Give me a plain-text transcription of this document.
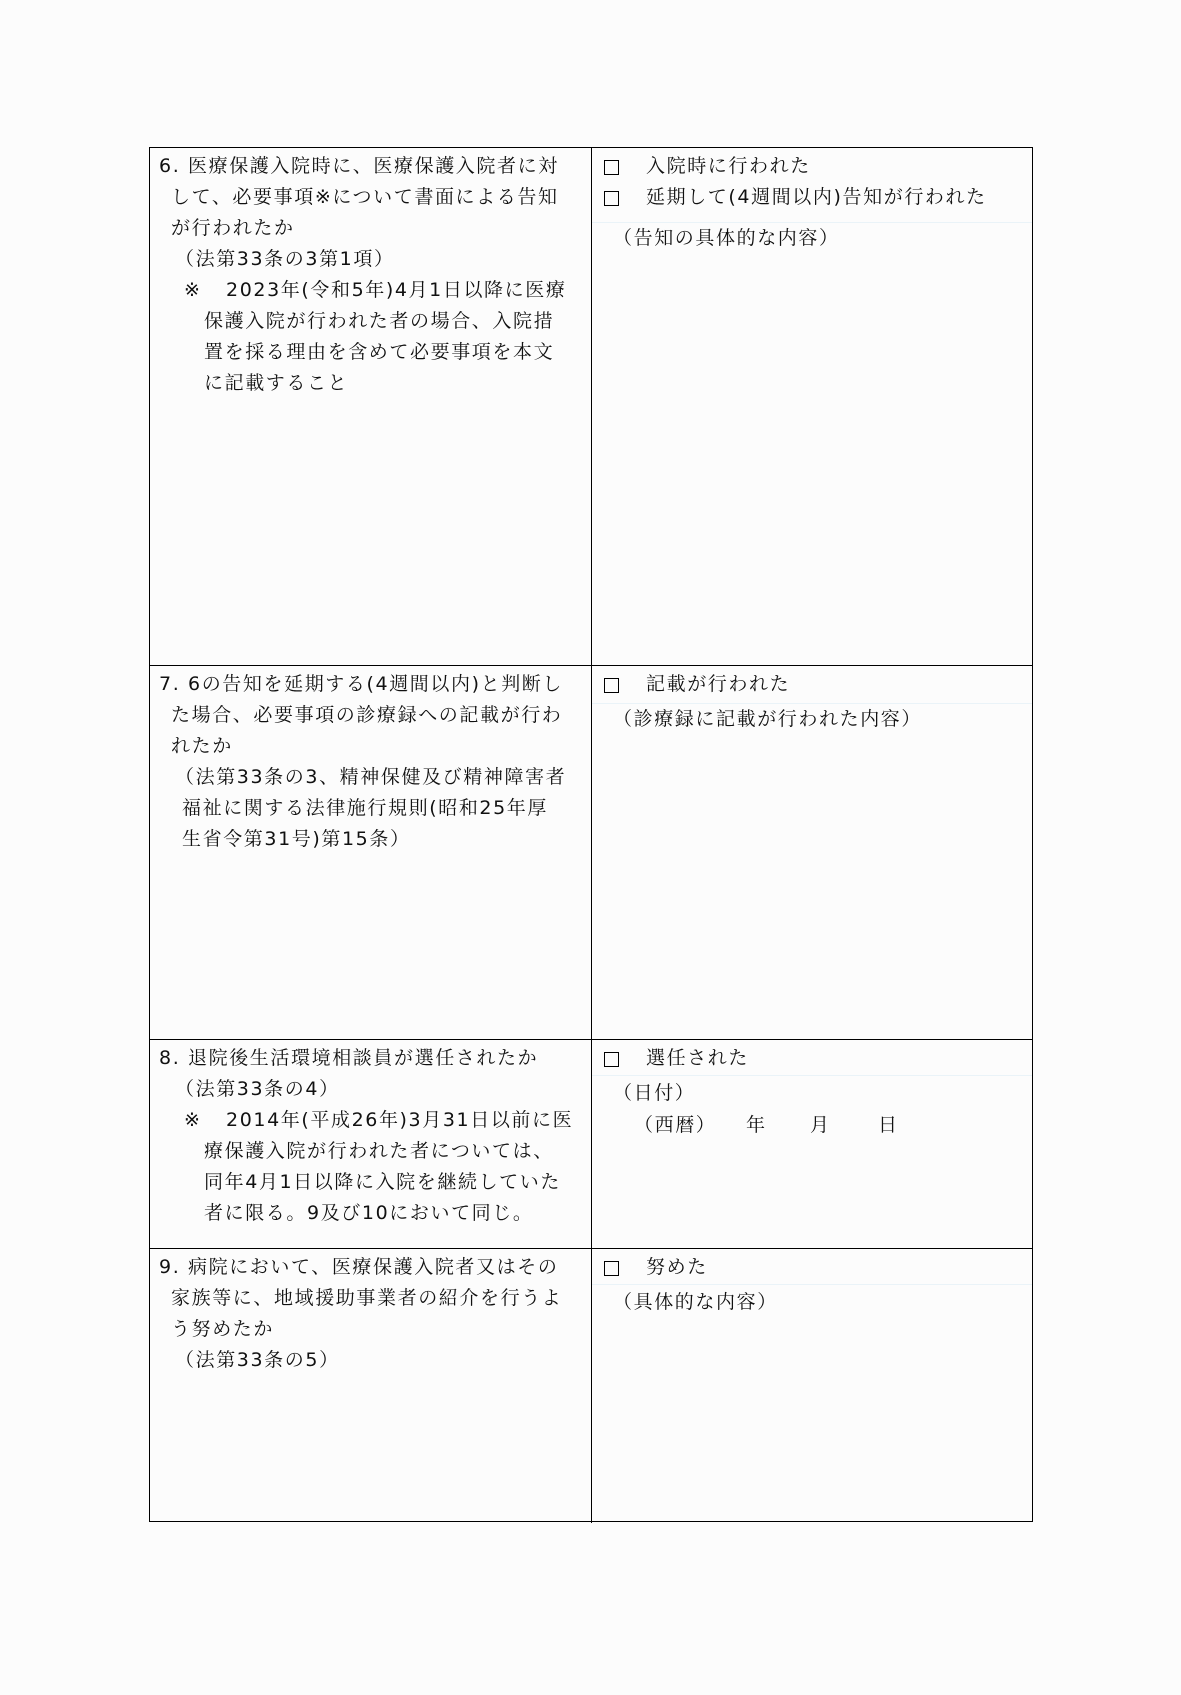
6. 医療保護入院時に、医療保護入院者に対
して、必要事項※について書面による告知
が行われたか
（法第33条の3第1項）
※ 2023年(令和5年)4月1日以降に医療
保護入院が行われた者の場合、入院措
置を採る理由を含めて必要事項を本文
に記載すること
入院時に行われた
延期して(4週間以内)告知が行われた
（告知の具体的な内容）
7. 6の告知を延期する(4週間以内)と判断し
た場合、必要事項の診療録への記載が行わ
れたか
（法第33条の3、精神保健及び精神障害者
福祉に関する法律施行規則(昭和25年厚
生省令第31号)第15条）
記載が行われた
（診療録に記載が行われた内容）
8. 退院後生活環境相談員が選任されたか
（法第33条の4）
※ 2014年(平成26年)3月31日以前に医
療保護入院が行われた者については、
同年4月1日以降に入院を継続していた
者に限る。9及び10において同じ。
選任された
（日付）
（西暦） 年 月 日
9. 病院において、医療保護入院者又はその
家族等に、地域援助事業者の紹介を行うよ
う努めたか
（法第33条の5）
努めた
（具体的な内容）
